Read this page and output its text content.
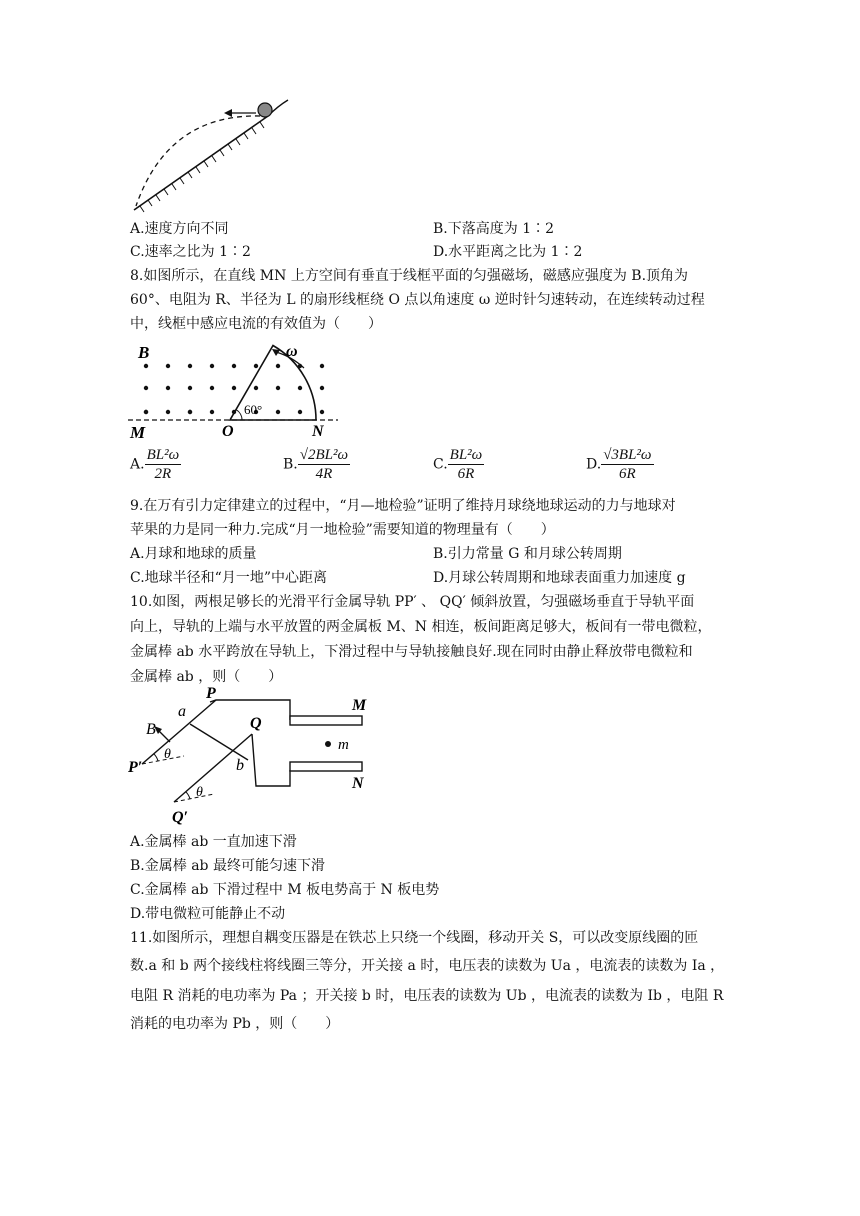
A.速度方向不同	B.下落高度为 1∶2
C.速率之比为 1∶2	D.水平距离之比为 1∶2
8.如图所示，在直线 MN 上方空间有垂直于线框平面的匀强磁场，磁感应强度为 B.顶角为
60°、电阻为 R、半径为 L 的扇形线框绕 O 点以角速度 ω 逆时针匀速转动，在连续转动过程
中，线框中感应电流的有效值为（　　）
B	ω
60°
M	O	N
A. $\frac{\text{BL²ω}}{2R}$	B. $\frac{\text{√2BL²ω}}{4R}$	C. $\frac{\text{BL²ω}}{6R}$	D. $\frac{\text{√3BL²ω}}{6R}$
9.在万有引力定律建立的过程中，“月—地检验”证明了维持月球绕地球运动的力与地球对
苹果的力是同一种力.完成“月一地检验”需要知道的物理量有（　　）
A.月球和地球的质量	B.引力常量 G 和月球公转周期
C.地球半径和“月一地”中心距离	D.月球公转周期和地球表面重力加速度 g
10.如图，两根足够长的光滑平行金属导轨 PP′ 、 QQ′ 倾斜放置，匀强磁场垂直于导轨平面
向上，导轨的上端与水平放置的两金属板 M、N 相连，板间距离足够大，板间有一带电微粒，
金属棒 ab 水平跨放在导轨上，下滑过程中与导轨接触良好.现在同时由静止释放带电微粒和
金属棒 ab ，则（　　）
P
a
B	Q
M
m
P′
θ
b
N
θ
Q′
A.金属棒 ab 一直加速下滑
B.金属棒 ab 最终可能匀速下滑
C.金属棒 ab 下滑过程中 M 板电势高于 N 板电势
D.带电微粒可能静止不动
11.如图所示，理想自耦变压器是在铁芯上只绕一个线圈，移动开关 S，可以改变原线圈的匝
数.a 和 b 两个接线柱将线圈三等分，开关接 a 时，电压表的读数为 Ua ，电流表的读数为 Ia ，
电阻 R 消耗的电功率为 Pa ；开关接 b 时，电压表的读数为 Ub ，电流表的读数为 Ib ，电阻 R
消耗的电功率为 Pb ，则（　　）
